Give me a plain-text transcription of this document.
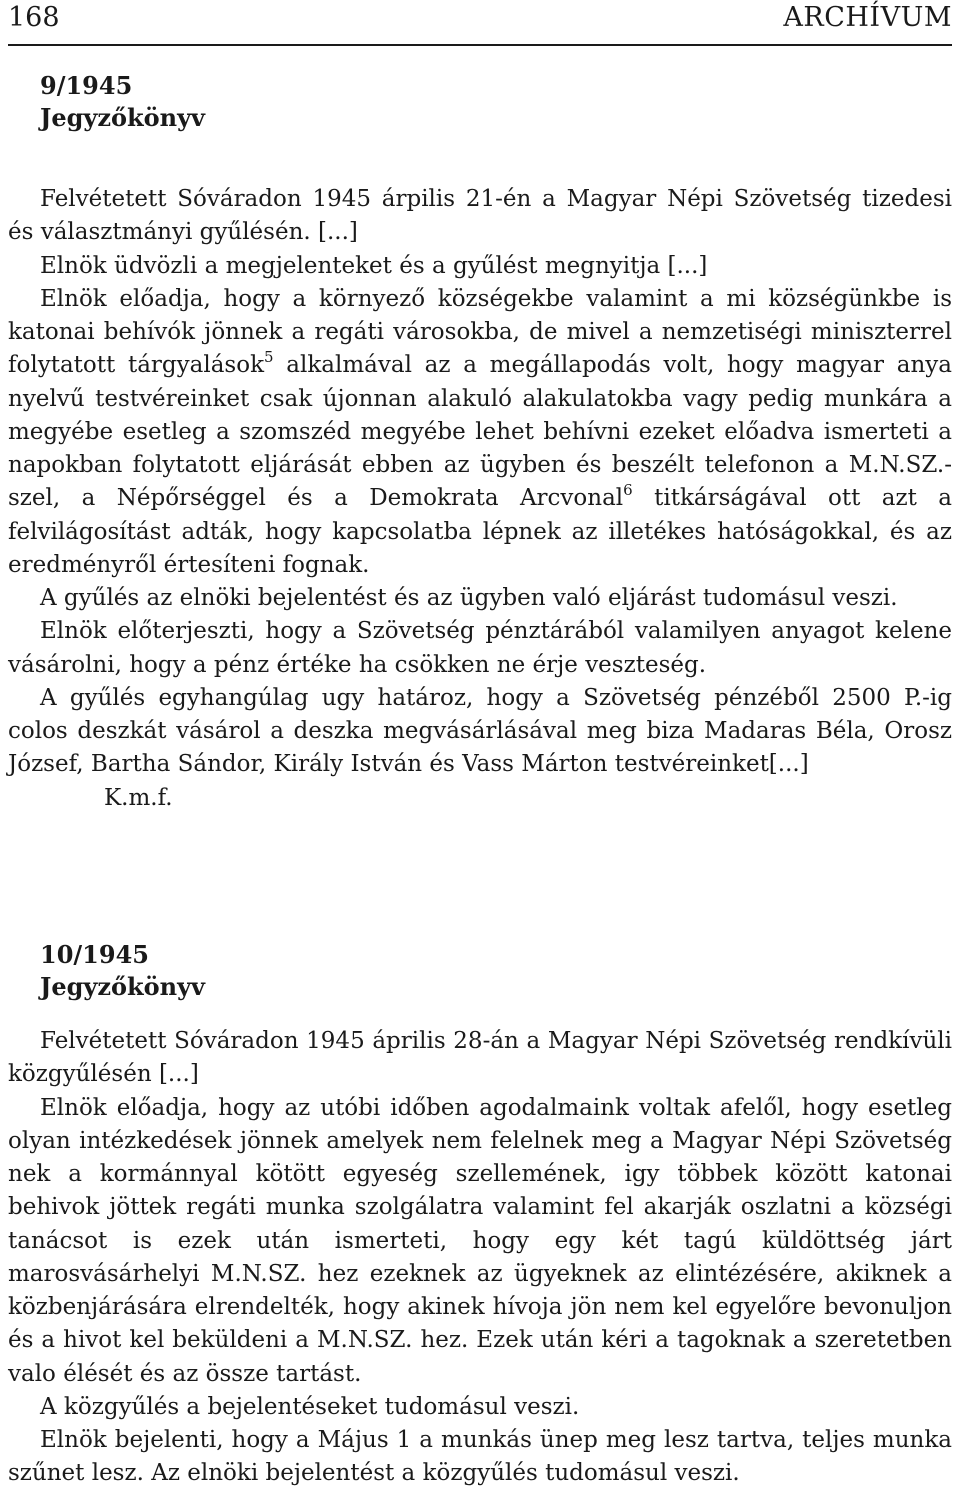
168	ARCHÍVUM
9/1945
Jegyzőkönyv

Felvétetett Sóváradon 1945 árpilis 21-én a Magyar Népi Szövetség tizedesi és választmányi gyűlésén. [...]

Elnök üdvözli a megjelenteket és a gyűlést megnyitja [...]

Elnök előadja, hogy a környező községekbe valamint a mi községünkbe is katonai behívók jönnek a regáti városokba, de mivel a nemzetiségi miniszterrel folytatott tárgyalások$^5$ alkalmával az a megállapodás volt, hogy magyar anya nyelvű testvéreinket csak újonnan alakuló alakulatokba vagy pedig munkára a megyébe esetleg a szomszéd megyébe lehet behívni ezeket előadva ismerteti a napokban folytatott eljárását ebben az ügyben és beszélt telefonon a M.N.SZ.-szel, a Népőrséggel és a Demokrata Arcvonal$^6$ titkárságával ott azt a felvilágosítást adták, hogy kapcsolatba lépnek az illetékes hatóságokkal, és az eredményről értesíteni fognak.

A gyűlés az elnöki bejelentést és az ügyben való eljárást tudomásul veszi.

Elnök előterjeszti, hogy a Szövetség pénztárából valamilyen anyagot kelene vásárolni, hogy a pénz értéke ha csökken ne érje veszteség.

A gyűlés egyhangúlag ugy határoz, hogy a Szövetség pénzéből 2500 P.-ig colos deszkát vásárol a deszka megvásárlásával meg biza Madaras Béla, Orosz József, Bartha Sándor, Király István és Vass Márton testvéreinket[...]

K.m.f.

10/1945
Jegyzőkönyv

Felvétetett Sóváradon 1945 április 28-án a Magyar Népi Szövetség rendkívüli közgyűlésén [...]

Elnök előadja, hogy az utóbi időben agodalmaink voltak afelől, hogy esetleg olyan intézkedések jönnek amelyek nem felelnek meg a Magyar Népi Szövetség nek a kormánnyal kötött egyeség szellemének, igy többek között katonai behivok jöttek regáti munka szolgálatra valamint fel akarják oszlatni a községi tanácsot is ezek után ismerteti, hogy egy két tagú küldöttség járt marosvásárhelyi M.N.SZ. hez ezeknek az ügyeknek az elintézésére, akiknek a közbenjárására elrendelték, hogy akinek hívoja jön nem kel egyelőre bevonuljon és a hivot kel beküldeni a M.N.SZ. hez. Ezek után kéri a tagoknak a szeretetben valo élését és az össze tartást.

A közgyűlés a bejelentéseket tudomásul veszi.

Elnök bejelenti, hogy a Május 1 a munkás ünep meg lesz tartva, teljes munka szűnet lesz. Az elnöki bejelentést a közgyűlés tudomásul veszi.
